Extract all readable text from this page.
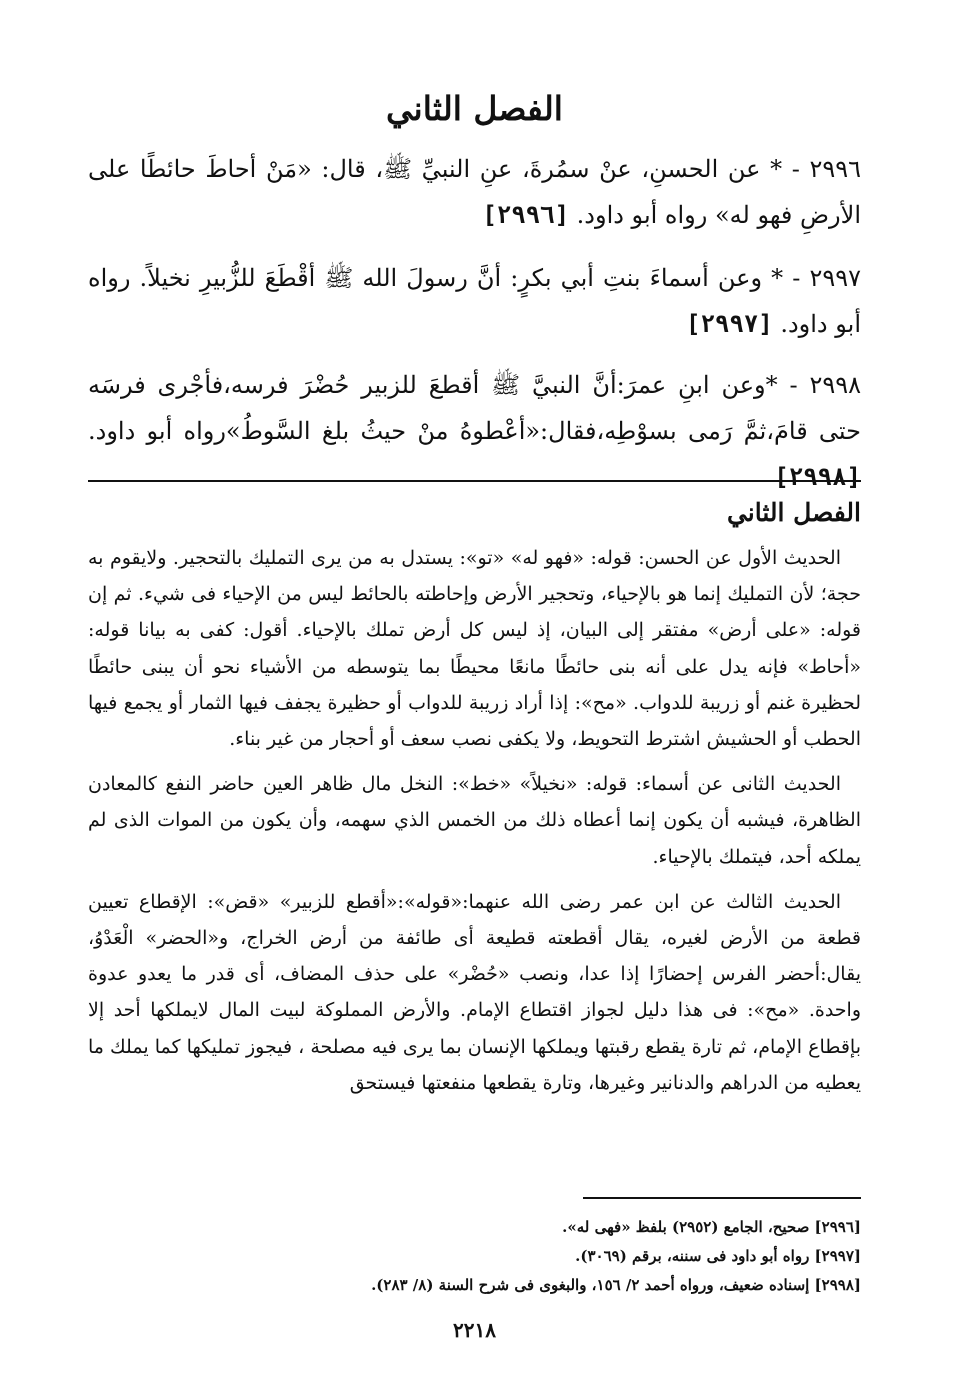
الفصل الثاني
٢٩٩٦ - * عن الحسنِ، عنْ سمُرةَ، عنِ النبيِّ ﷺ، قال: «مَنْ أحاطَ حائطًا على الأرضِ فهو له» رواه أبو داود. [٢٩٩٦]
٢٩٩٧ - * وعن أسماءَ بنتِ أبي بكرٍ: أنَّ رسولَ الله ﷺ أقْطَعَ للزُّبيرِ نخيلاً. رواه أبو داود. [٢٩٩٧]
٢٩٩٨ - *وعن ابنِ عمرَ:أنَّ النبيَّ ﷺ أقطعَ للزبير حُضْرَ فرسه،فأجْرى فرسَه حتى قامَ،ثمَّ رَمى بسوْطِه،فقال:«أعْطوهُ منْ حيثُ بلغ السَّوطُ»رواه أبو داود. [٢٩٩٨]
الفصل الثاني

الحديث الأول عن الحسن: قوله: «فهو له» «تو»: يستدل به من يرى التمليك بالتحجير. ولايقوم به حجة؛ لأن التمليك إنما هو بالإحياء، وتحجير الأرض وإحاطته بالحائط ليس من الإحياء فى شيء. ثم إن قوله: «على أرض» مفتقر إلى البيان، إذ ليس كل أرض تملك بالإحياء. أقول: كفى به بيانا قوله: «أحاط» فإنه يدل على أنه بنى حائطًا مانعًا محيطًا بما يتوسطه من الأشياء نحو أن يبنى حائطًا لحظيرة غنم أو زريبة للدواب. «مح»: إذا أراد زريبة للدواب أو حظيرة يجفف فيها الثمار أو يجمع فيها الحطب أو الحشيش اشترط التحويط، ولا يكفى نصب سعف أو أحجار من غير بناء.

الحديث الثانى عن أسماء: قوله: «نخيلاً» «خط»: النخل مال ظاهر العين حاضر النفع كالمعادن الظاهرة، فيشبه أن يكون إنما أعطاه ذلك من الخمس الذي سهمه، وأن يكون من الموات الذى لم يملكه أحد، فيتملك بالإحياء.

الحديث الثالث عن ابن عمر رضى الله عنهما:«قوله»:«أقطع للزبير» «قض»: الإقطاع تعيين قطعة من الأرض لغيره، يقال أقطعته قطيعة أى طائفة من أرض الخراج، و«الحضر» الْعَدْوُ، يقال:أحضر الفرس إحضارًا إذا عدا، ونصب «حُضْر» على حذف المضاف، أى قدر ما يعدو عدوة واحدة. «مح»: فى هذا دليل لجواز اقتطاع الإمام. والأرض المملوكة لبيت المال لايملكها أحد إلا بإقطاع الإمام، ثم تارة يقطع رقبتها ويملكها الإنسان بما يرى فيه مصلحة ، فيجوز تمليكها كما يملك ما يعطيه من الدراهم والدنانير وغيرها، وتارة يقطعها منفعتها فيستحق

[٢٩٩٦] صحيح، الجامع (٢٩٥٢) بلفظ «فهى له».
[٢٩٩٧] رواه أبو داود فى سننه، برقم (٣٠٦٩).
[٢٩٩٨] إسناده ضعيف، ورواه أحمد ٢/ ١٥٦، والبغوى فى شرح السنة (٨/ ٢٨٣).
٢٢١٨
